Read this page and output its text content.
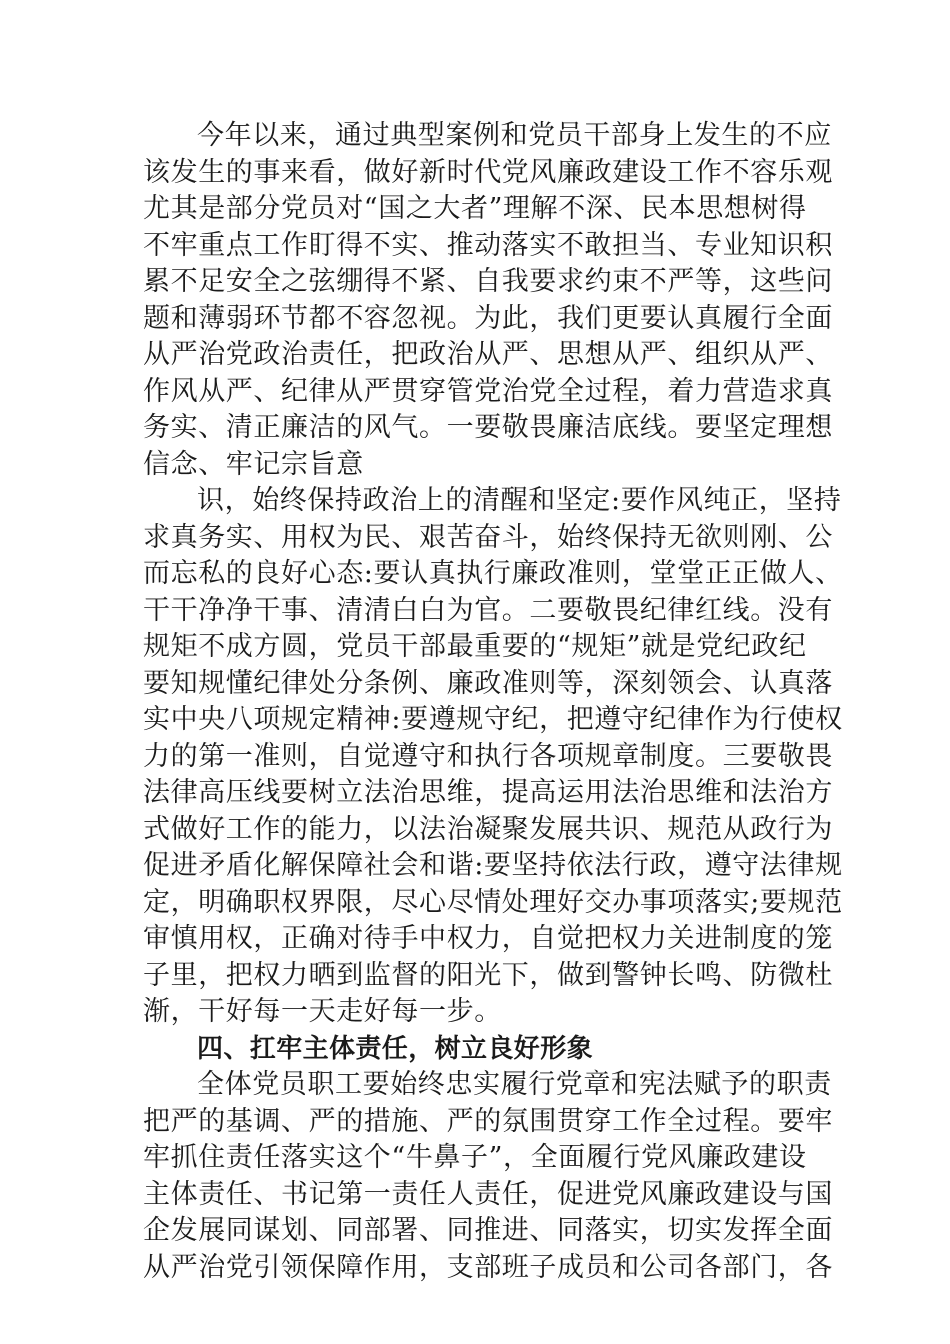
今年以来，通过典型案例和党员干部身上发生的不应
该发生的事来看，做好新时代党风廉政建设工作不容乐观
尤其是部分党员对“国之大者”理解不深、民本思想树得
不牢重点工作盯得不实、推动落实不敢担当、专业知识积
累不足安全之弦绷得不紧、自我要求约束不严等，这些问
题和薄弱环节都不容忽视。为此，我们更要认真履行全面
从严治党政治责任，把政治从严、思想从严、组织从严、
作风从严、纪律从严贯穿管党治党全过程，着力营造求真
务实、清正廉洁的风气。一要敬畏廉洁底线。要坚定理想
信念、牢记宗旨意
识，始终保持政治上的清醒和坚定:要作风纯正，坚持
求真务实、用权为民、艰苦奋斗，始终保持无欲则刚、公
而忘私的良好心态:要认真执行廉政准则，堂堂正正做人、
干干净净干事、清清白白为官。二要敬畏纪律红线。没有
规矩不成方圆，党员干部最重要的“规矩”就是党纪政纪
要知规懂纪律处分条例、廉政准则等，深刻领会、认真落
实中央八项规定精神:要遵规守纪，把遵守纪律作为行使权
力的第一准则，自觉遵守和执行各项规章制度。三要敬畏
法律高压线要树立法治思维，提高运用法治思维和法治方
式做好工作的能力，以法治凝聚发展共识、规范从政行为
促进矛盾化解保障社会和谐:要坚持依法行政，遵守法律规
定，明确职权界限，尽心尽情处理好交办事项落实;要规范
审慎用权，正确对待手中权力，自觉把权力关进制度的笼
子里，把权力晒到监督的阳光下，做到警钟长鸣、防微杜
渐，干好每一天走好每一步。
四、扛牢主体责任，树立良好形象
全体党员职工要始终忠实履行党章和宪法赋予的职责
把严的基调、严的措施、严的氛围贯穿工作全过程。要牢
牢抓住责任落实这个“牛鼻子”，全面履行党风廉政建设
主体责任、书记第一责任人责任，促进党风廉政建设与国
企发展同谋划、同部署、同推进、同落实，切实发挥全面
从严治党引领保障作用，支部班子成员和公司各部门，各
